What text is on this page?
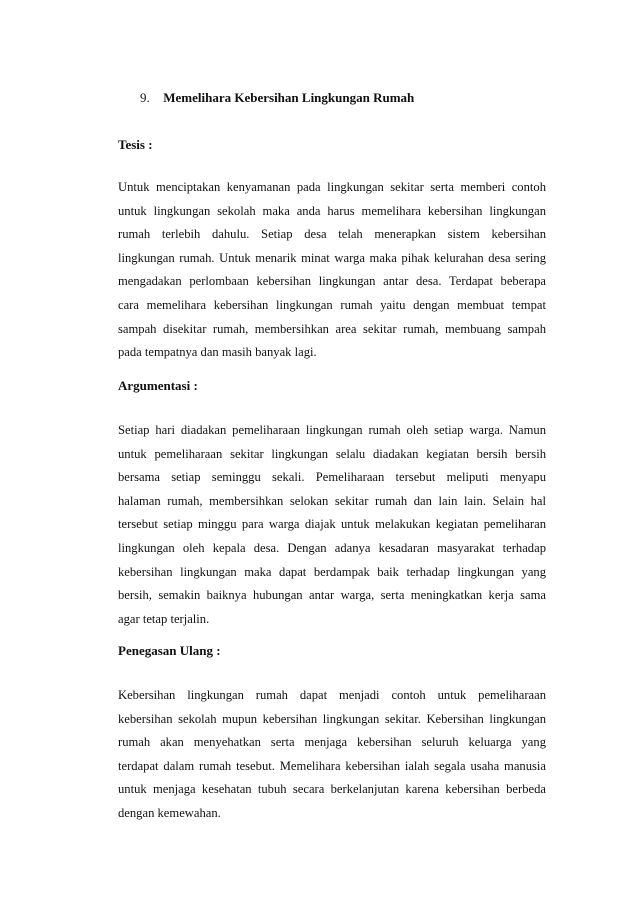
9. Memelihara Kebersihan Lingkungan Rumah
Tesis :
Untuk menciptakan kenyamanan pada lingkungan sekitar serta memberi contoh
untuk lingkungan sekolah maka anda harus memelihara kebersihan lingkungan
rumah terlebih dahulu. Setiap desa telah menerapkan sistem kebersihan
lingkungan rumah. Untuk menarik minat warga maka pihak kelurahan desa sering
mengadakan perlombaan kebersihan lingkungan antar desa. Terdapat beberapa
cara memelihara kebersihan lingkungan rumah yaitu dengan membuat tempat
sampah disekitar rumah, membersihkan area sekitar rumah, membuang sampah
pada tempatnya dan masih banyak lagi.
Argumentasi :
Setiap hari diadakan pemeliharaan lingkungan rumah oleh setiap warga. Namun
untuk pemeliharaan sekitar lingkungan selalu diadakan kegiatan bersih bersih
bersama setiap seminggu sekali. Pemeliharaan tersebut meliputi menyapu
halaman rumah, membersihkan selokan sekitar rumah dan lain lain. Selain hal
tersebut setiap minggu para warga diajak untuk melakukan kegiatan pemeliharan
lingkungan oleh kepala desa. Dengan adanya kesadaran masyarakat terhadap
kebersihan lingkungan maka dapat berdampak baik terhadap lingkungan yang
bersih, semakin baiknya hubungan antar warga, serta meningkatkan kerja sama
agar tetap terjalin.
Penegasan Ulang :
Kebersihan lingkungan rumah dapat menjadi contoh untuk pemeliharaan
kebersihan sekolah mupun kebersihan lingkungan sekitar. Kebersihan lingkungan
rumah akan menyehatkan serta menjaga kebersihan seluruh keluarga yang
terdapat dalam rumah tesebut. Memelihara kebersihan ialah segala usaha manusia
untuk menjaga kesehatan tubuh secara berkelanjutan karena kebersihan berbeda
dengan kemewahan.
